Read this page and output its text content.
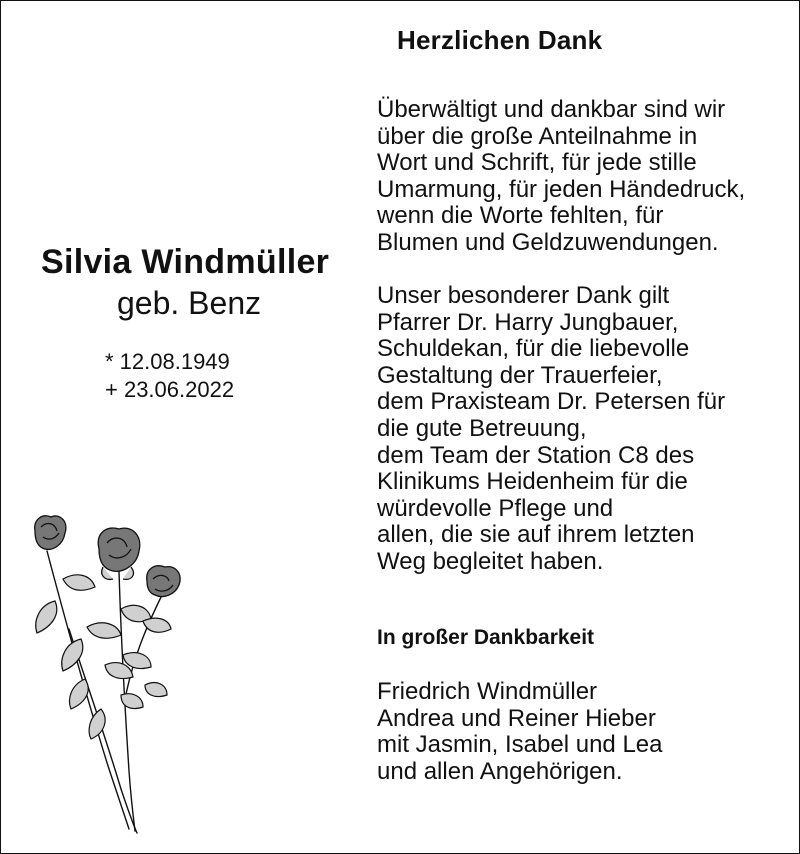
Herzlichen Dank
Überwältigt und dankbar sind wir
über die große Anteilnahme in
Wort und Schrift, für jede stille
Umarmung, für jeden Händedruck,
wenn die Worte fehlten, für
Blumen und Geldzuwendungen.
Unser besonderer Dank gilt
Pfarrer Dr. Harry Jungbauer,
Schuldekan, für die liebevolle
Gestaltung der Trauerfeier,
dem Praxisteam Dr. Petersen für
die gute Betreuung,
dem Team der Station C8 des
Klinikums Heidenheim für die
würdevolle Pflege und
allen, die sie auf ihrem letzten
Weg begleitet haben.
In großer Dankbarkeit
Friedrich Windmüller
Andrea und Reiner Hieber
mit Jasmin, Isabel und Lea
und allen Angehörigen.
Silvia Windmüller
geb. Benz
* 12.08.1949
+ 23.06.2022
